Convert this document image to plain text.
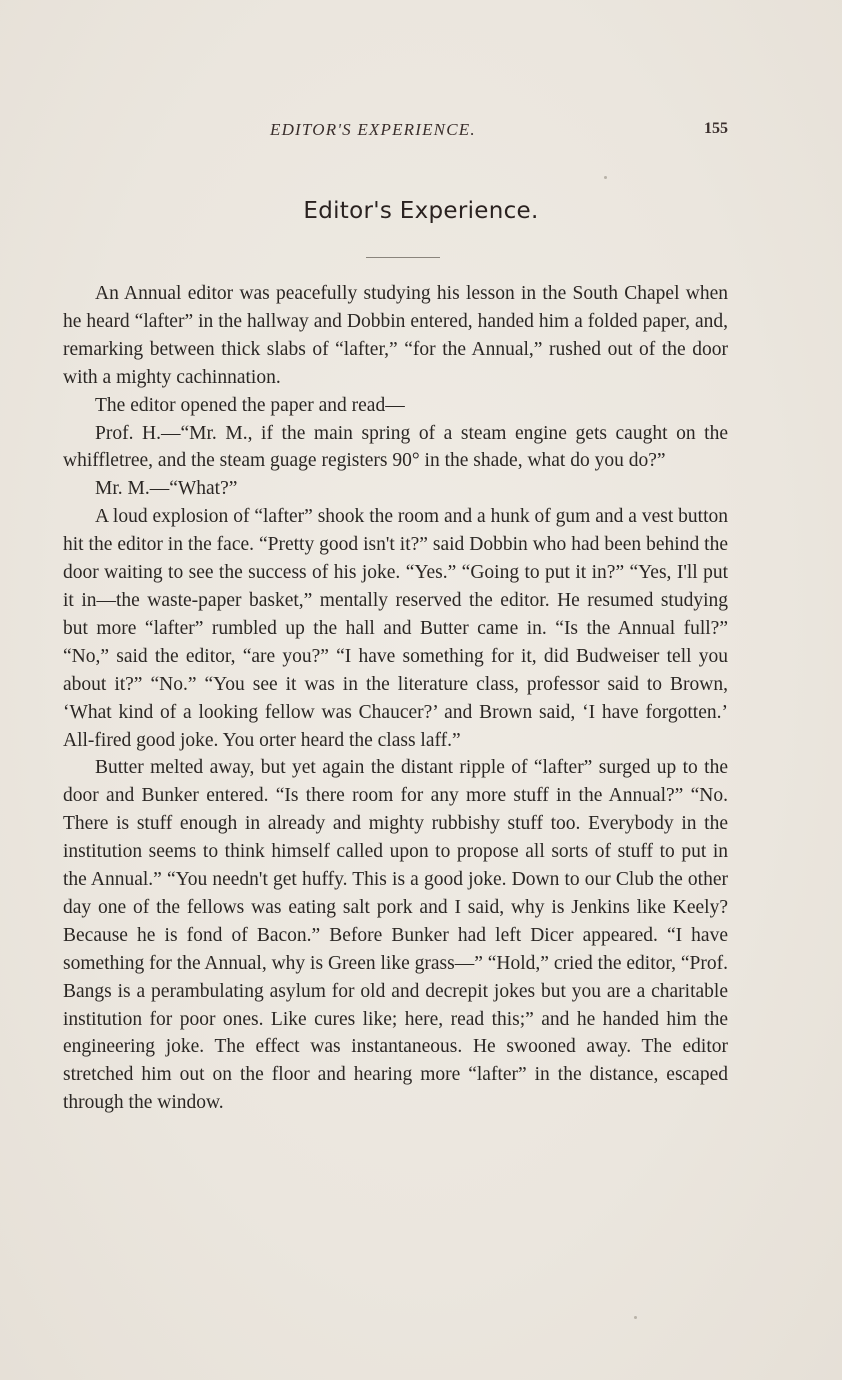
EDITOR'S EXPERIENCE.	155
Editor's Experience.

An Annual editor was peacefully studying his lesson in the South Chapel when he heard “lafter” in the hallway and Dobbin entered, handed him a folded paper, and, remarking between thick slabs of “lafter,” “for the Annual,” rushed out of the door with a mighty cachinnation.

The editor opened the paper and read—

Prof. H.—“Mr. M., if the main spring of a steam engine gets caught on the whiffletree, and the steam guage registers 90° in the shade, what do you do?”

Mr. M.—“What?”

A loud explosion of “lafter” shook the room and a hunk of gum and a vest button hit the editor in the face. “Pretty good isn't it?” said Dobbin who had been behind the door waiting to see the success of his joke. “Yes.” “Going to put it in?” “Yes, I'll put it in—the waste-paper basket,” mentally reserved the editor. He resumed studying but more “lafter” rumbled up the hall and Butter came in. “Is the Annual full?” “No,” said the editor, “are you?” “I have something for it, did Budweiser tell you about it?” “No.” “You see it was in the literature class, professor said to Brown, ‘What kind of a looking fellow was Chaucer?’ and Brown said, ‘I have forgotten.’ All-fired good joke. You orter heard the class laff.”

Butter melted away, but yet again the distant ripple of “lafter” surged up to the door and Bunker entered. “Is there room for any more stuff in the Annual?” “No. There is stuff enough in already and mighty rubbishy stuff too. Everybody in the institution seems to think himself called upon to propose all sorts of stuff to put in the Annual.” “You needn't get huffy. This is a good joke. Down to our Club the other day one of the fellows was eating salt pork and I said, why is Jenkins like Keely? Because he is fond of Bacon.” Before Bunker had left Dicer appeared. “I have something for the Annual, why is Green like grass—” “Hold,” cried the editor, “Prof. Bangs is a perambulating asylum for old and decrepit jokes but you are a charitable institution for poor ones. Like cures like; here, read this;” and he handed him the engineering joke. The effect was instantaneous. He swooned away. The editor stretched him out on the floor and hearing more “lafter” in the distance, escaped through the window.
